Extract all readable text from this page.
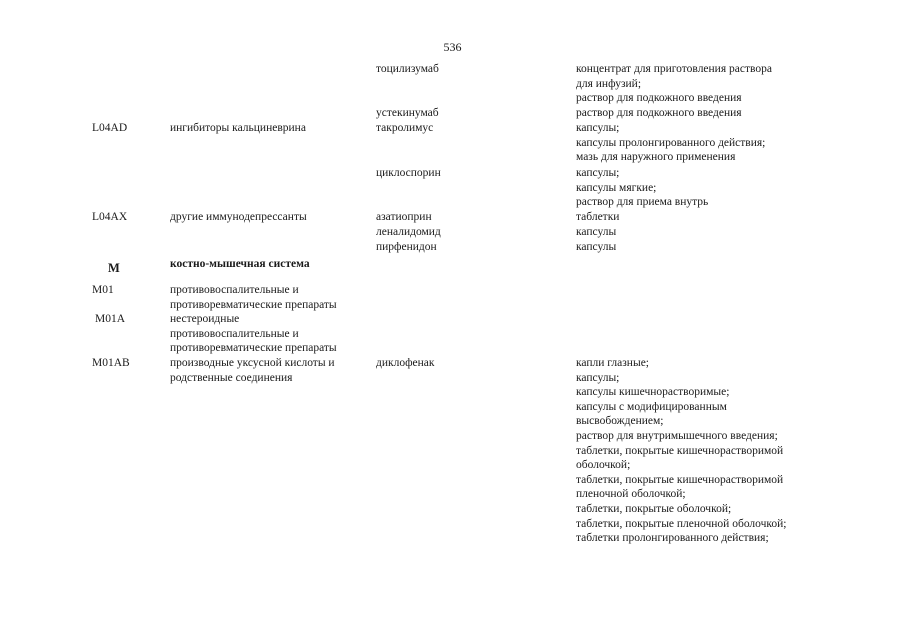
536
тоцилизумаб	концентрат для приготовления раствора
для инфузий;
раствор для подкожного введения
устекинумаб	раствор для подкожного введения
L04AD	ингибиторы кальциневрина	такролимус	капсулы;
капсулы пролонгированного действия;
мазь для наружного применения
циклоспорин	капсулы;
капсулы мягкие;
раствор для приема внутрь
L04AX	другие иммунодепрессанты	азатиоприн	таблетки
леналидомид	капсулы
пирфенидон	капсулы
M	костно-мышечная система
M01	противовоспалительные и
противоревматические препараты
M01A	нестероидные
противовоспалительные и
противоревматические препараты
M01AB	производные уксусной кислоты и
родственные соединения
диклофенак	капли глазные;
капсулы;
капсулы кишечнорастворимые;
капсулы с модифицированным
высвобождением;
раствор для внутримышечного введения;
таблетки, покрытые кишечнорастворимой
оболочкой;
таблетки, покрытые кишечнорастворимой
пленочной оболочкой;
таблетки, покрытые оболочкой;
таблетки, покрытые пленочной оболочкой;
таблетки пролонгированного действия;
